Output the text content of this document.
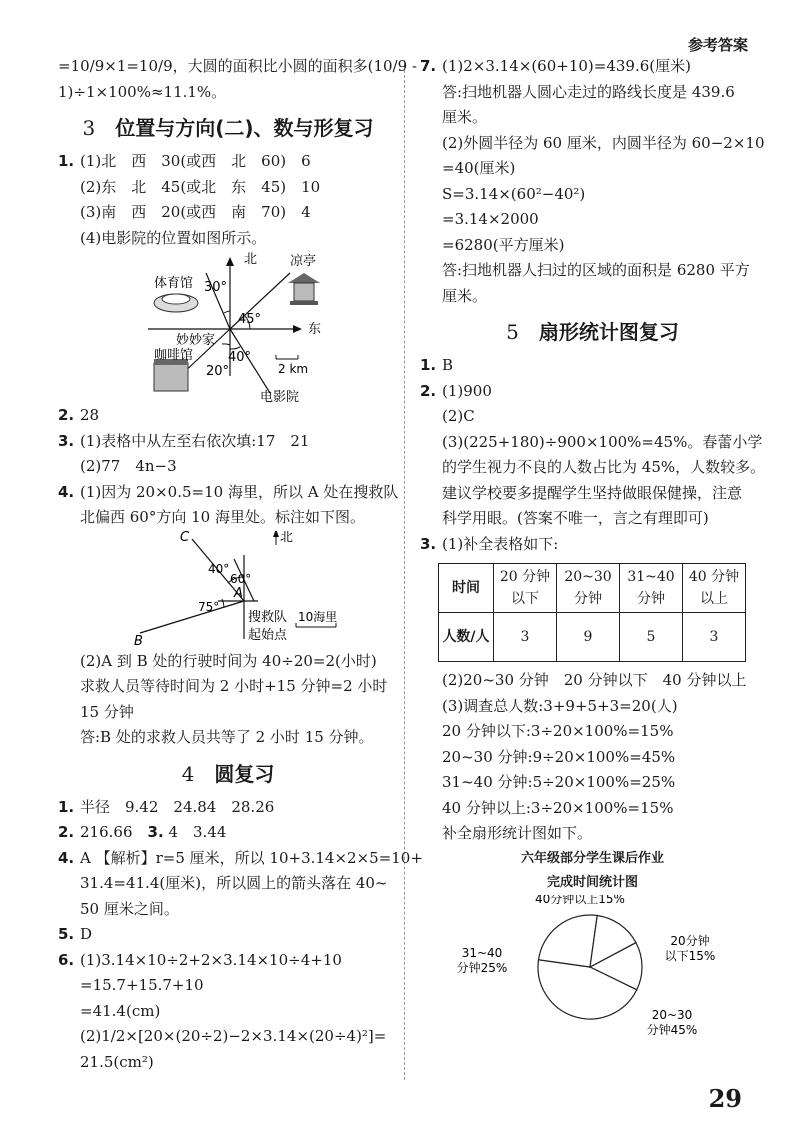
参考答案
=10/9×1=10/9，大圆的面积比小圆的面积多(10/9 -
1)÷1×100%≈11.1%。
3 位置与方向(二)、数与形复习
1. (1)北　西　30(或西　北　60)　6
(2)东　北　45(或北　东　45)　10
(3)南　西　20(或西　南　70)　4
(4)电影院的位置如图所示。
北
东
体育馆
凉亭
妙妙家
咖啡馆
电影院
30°
45°
40°
20°	2 km
2. 28
3. (1)表格中从左至右依次填:17　21
(2)77　4n−3
4. (1)因为 20×0.5=10 海里，所以 A 处在搜救队
北偏西 60°方向 10 海里处。标注如下图。
C
A
B
北
40°
60°
75°
搜救队
起始点
10海里
(2)A 到 B 处的行驶时间为 40÷20=2(小时)
求救人员等待时间为 2 小时+15 分钟=2 小时
15 分钟
答:B 处的求救人员共等了 2 小时 15 分钟。
4 圆复习
1. 半径　9.42　24.84　28.26
2. 216.66　 3. 4　3.44
4. A 【解析】r=5 厘米，所以 10+3.14×2×5=10+
31.4=41.4(厘米)，所以圆上的箭头落在 40~
50 厘米之间。
5. D
6. (1)3.14×10÷2+2×3.14×10÷4+10
=15.7+15.7+10
=41.4(cm)
(2)1/2×[20×(20÷2)−2×3.14×(20÷4)²]=
21.5(cm²)
7. (1)2×3.14×(60+10)=439.6(厘米)
答:扫地机器人圆心走过的路线长度是 439.6
厘米。
(2)外圆半径为 60 厘米，内圆半径为 60−2×10
=40(厘米)
S=3.14×(60²−40²)
=3.14×2000
=6280(平方厘米)
答:扫地机器人扫过的区域的面积是 6280 平方
厘米。
5 扇形统计图复习
1. B
2. (1)900
(2)C
(3)(225+180)÷900×100%=45%。春蕾小学
的学生视力不良的人数占比为 45%，人数较多。
建议学校要多提醒学生坚持做眼保健操，注意
科学用眼。(答案不唯一，言之有理即可)
3. (1)补全表格如下:
时间	20 分钟以下	20~30分钟	31~40分钟	40 分钟以上
人数/人	3	9	5	3
(2)20~30 分钟　20 分钟以下　40 分钟以上
(3)调查总人数:3+9+5+3=20(人)
20 分钟以下:3÷20×100%=15%
20~30 分钟:9÷20×100%=45%
31~40 分钟:5÷20×100%=25%
40 分钟以上:3÷20×100%=15%
补全扇形统计图如下。
六年级部分学生课后作业
完成时间统计图
20分钟
以下15%
20~30
分钟45%
31~40
分钟25%
40分钟以上15%
29
